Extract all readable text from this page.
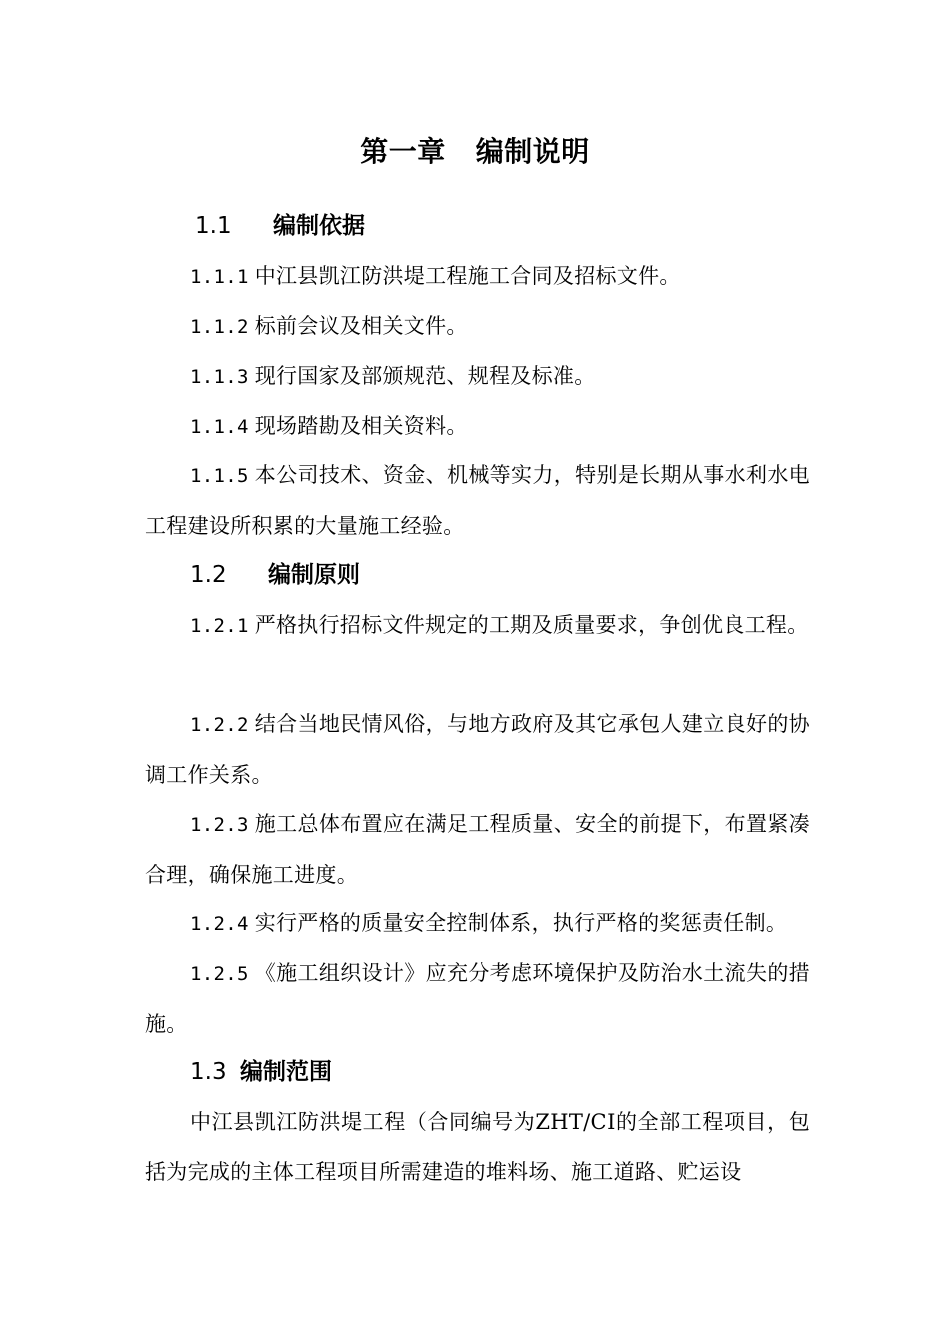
第一章 编制说明
1.1 编制依据
1.1.1 中江县凯江防洪堤工程施工合同及招标文件。
1.1.2 标前会议及相关文件。
1.1.3 现行国家及部颁规范、规程及标准。
1.1.4 现场踏勘及相关资料。
1.1.5 本公司技术、资金、机械等实力，特别是长期从事水利水电工程建设所积累的大量施工经验。
1.2 编制原则
1.2.1 严格执行招标文件规定的工期及质量要求，争创优良工程。
1.2.2 结合当地民情风俗，与地方政府及其它承包人建立良好的协调工作关系。
1.2.3 施工总体布置应在满足工程质量、安全的前提下，布置紧凑合理，确保施工进度。
1.2.4 实行严格的质量安全控制体系，执行严格的奖惩责任制。
1.2.5 《施工组织设计》应充分考虑环境保护及防治水土流失的措施。
1.3 编制范围
中江县凯江防洪堤工程（合同编号为ZHT/CⅠ的全部工程项目，包括为完成的主体工程项目所需建造的堆料场、施工道路、贮运设
